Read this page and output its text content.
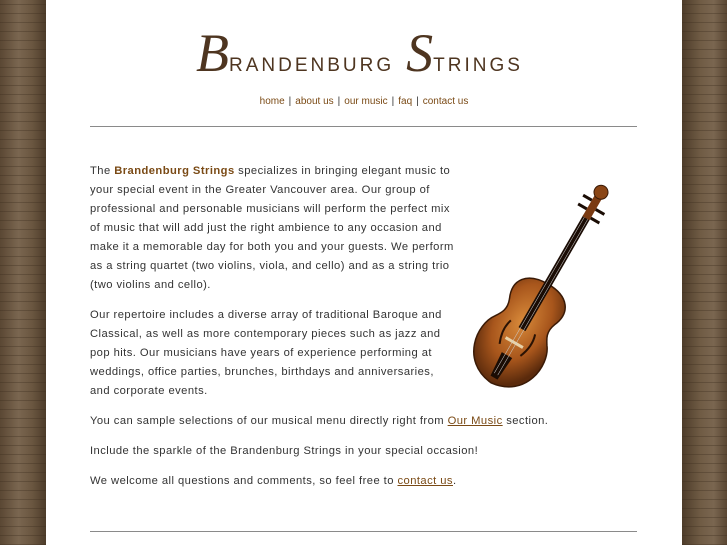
BRANDENBURG STRINGS
home | about us | our music | faq | contact us

The Brandenburg Strings specializes in bringing elegant music to your special event in the Greater Vancouver area. Our group of professional and personable musicians will perform the perfect mix of music that will add just the right ambience to any occasion and make it a memorable day for both you and your guests. We perform as a string quartet (two violins, viola, and cello) and as a string trio (two violins and cello).

Our repertoire includes a diverse array of traditional Baroque and Classical, as well as more contemporary pieces such as jazz and pop hits. Our musicians have years of experience performing at weddings, office parties, brunches, birthdays and anniversaries, and corporate events.

You can sample selections of our musical menu directly right from Our Music section.

Include the sparkle of the Brandenburg Strings in your special occasion!

We welcome all questions and comments, so feel free to contact us.
